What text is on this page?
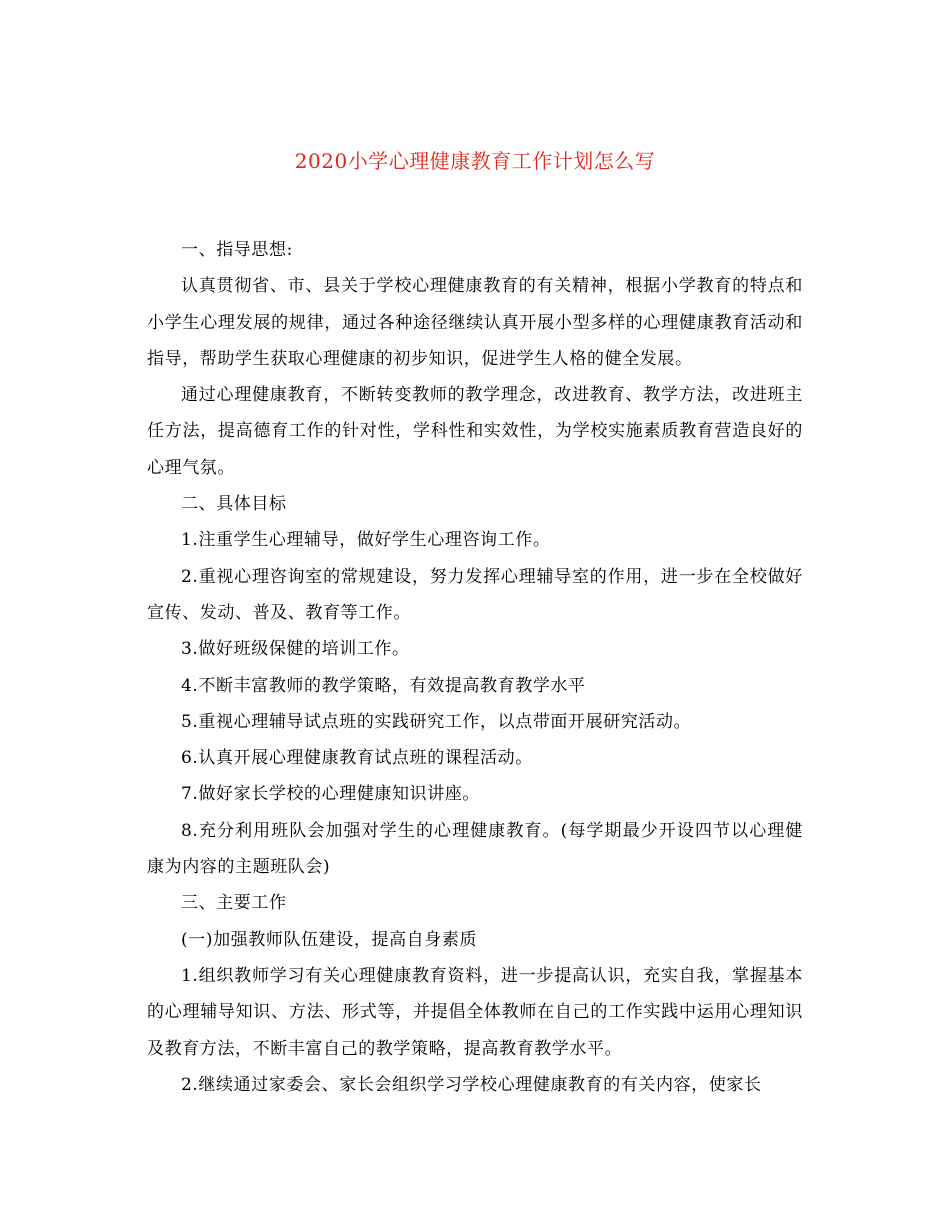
2020小学心理健康教育工作计划怎么写

一、指导思想:

认真贯彻省、市、县关于学校心理健康教育的有关精神，根据小学教育的特点和小学生心理发展的规律，通过各种途径继续认真开展小型多样的心理健康教育活动和指导，帮助学生获取心理健康的初步知识，促进学生人格的健全发展。

通过心理健康教育，不断转变教师的教学理念，改进教育、教学方法，改进班主任方法，提高德育工作的针对性，学科性和实效性，为学校实施素质教育营造良好的心理气氛。

二、具体目标

1.注重学生心理辅导，做好学生心理咨询工作。

2.重视心理咨询室的常规建设，努力发挥心理辅导室的作用，进一步在全校做好宣传、发动、普及、教育等工作。

3.做好班级保健的培训工作。

4.不断丰富教师的教学策略，有效提高教育教学水平

5.重视心理辅导试点班的实践研究工作，以点带面开展研究活动。

6.认真开展心理健康教育试点班的课程活动。

7.做好家长学校的心理健康知识讲座。

8.充分利用班队会加强对学生的心理健康教育。(每学期最少开设四节以心理健康为内容的主题班队会)

三、主要工作

(一)加强教师队伍建设，提高自身素质

1.组织教师学习有关心理健康教育资料，进一步提高认识，充实自我，掌握基本的心理辅导知识、方法、形式等，并提倡全体教师在自己的工作实践中运用心理知识及教育方法，不断丰富自己的教学策略，提高教育教学水平。

2.继续通过家委会、家长会组织学习学校心理健康教育的有关内容，使家长
